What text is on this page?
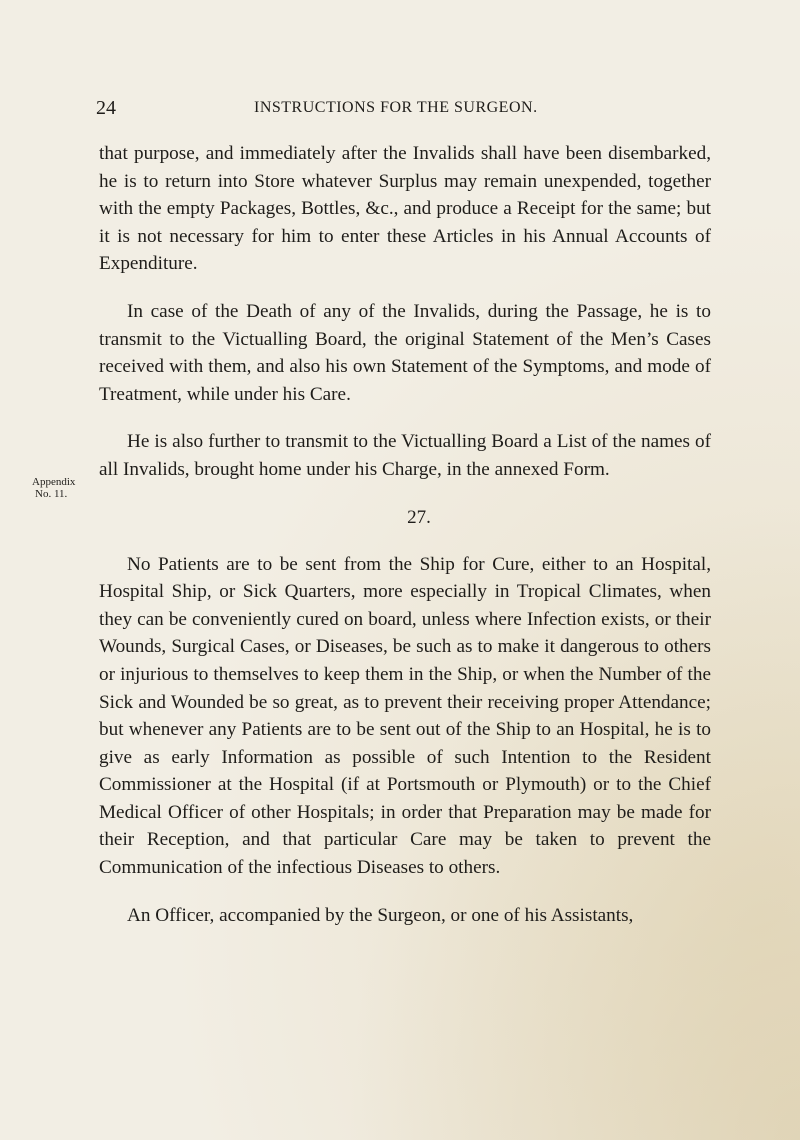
24	INSTRUCTIONS FOR THE SURGEON.
Appendix
No. 11.

that purpose, and immediately after the Invalids shall have been disembarked, he is to return into Store whatever Surplus may remain unexpended, together with the empty Packages, Bottles, &c., and produce a Receipt for the same; but it is not necessary for him to enter these Articles in his Annual Accounts of Expenditure.

In case of the Death of any of the Invalids, during the Passage, he is to transmit to the Victualling Board, the original Statement of the Men’s Cases received with them, and also his own Statement of the Symptoms, and mode of Treatment, while under his Care.

He is also further to transmit to the Victualling Board a List of the names of all Invalids, brought home under his Charge, in the annexed Form.

27.

No Patients are to be sent from the Ship for Cure, either to an Hospital, Hospital Ship, or Sick Quarters, more especially in Tropical Climates, when they can be conveniently cured on board, unless where Infection exists, or their Wounds, Surgical Cases, or Diseases, be such as to make it dangerous to others or injurious to themselves to keep them in the Ship, or when the Number of the Sick and Wounded be so great, as to prevent their receiving proper Attendance; but whenever any Patients are to be sent out of the Ship to an Hospital, he is to give as early Information as possible of such Intention to the Resident Commissioner at the Hospital (if at Portsmouth or Plymouth) or to the Chief Medical Officer of other Hospitals; in order that Preparation may be made for their Reception, and that particular Care may be taken to prevent the Communication of the infectious Diseases to others.

An Officer, accompanied by the Surgeon, or one of his Assistants,
